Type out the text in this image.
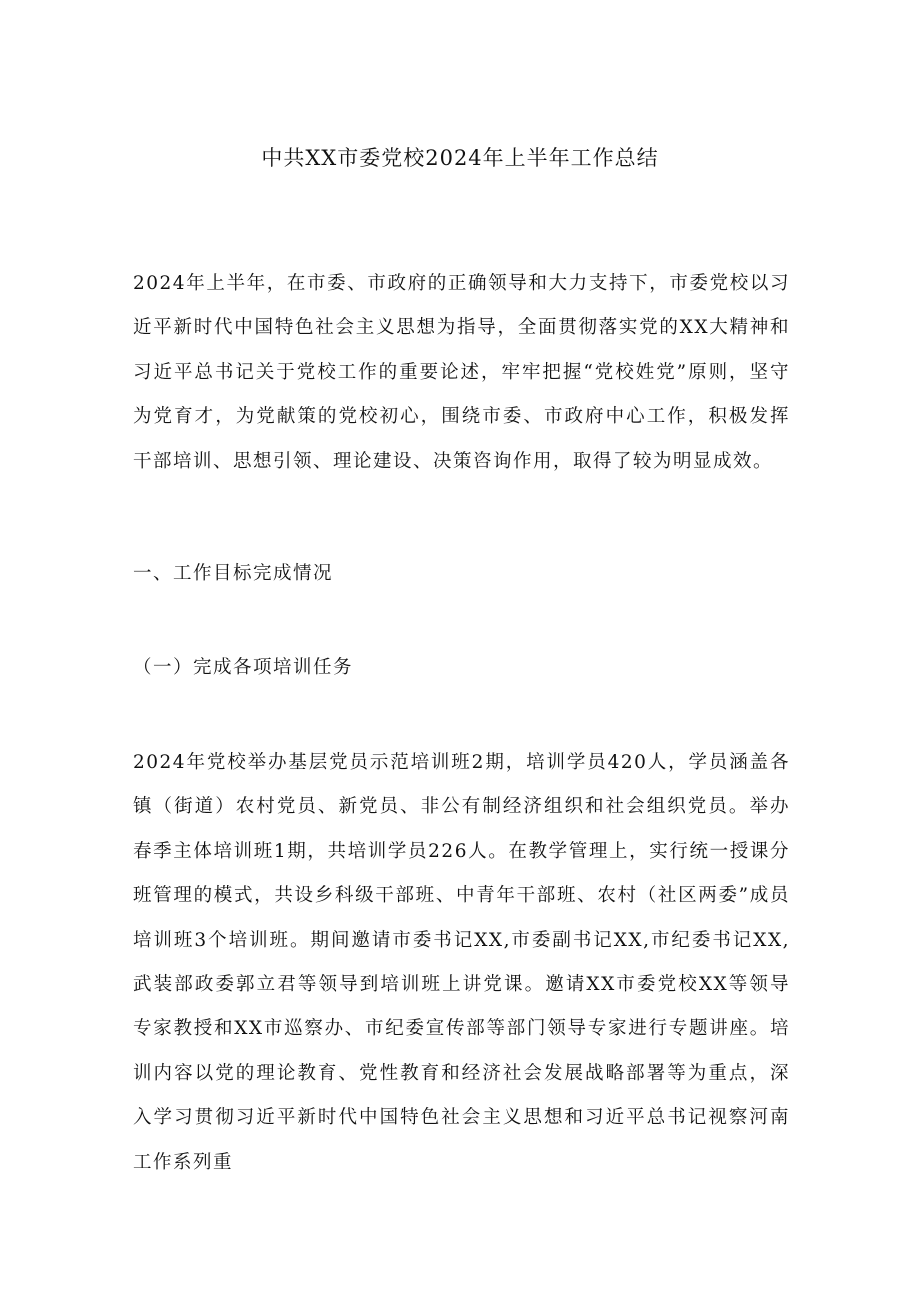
中共XX市委党校2024年上半年工作总结

2024年上半年，在市委、市政府的正确领导和大力支持下，市委党校以习近平新时代中国特色社会主义思想为指导，全面贯彻落实党的XX大精神和习近平总书记关于党校工作的重要论述，牢牢把握“党校姓党”原则，坚守为党育才，为党献策的党校初心，围绕市委、市政府中心工作，积极发挥干部培训、思想引领、理论建设、决策咨询作用，取得了较为明显成效。

一、工作目标完成情况

（一）完成各项培训任务

2024年党校举办基层党员示范培训班2期，培训学员420人，学员涵盖各镇（街道）农村党员、新党员、非公有制经济组织和社会组织党员。举办春季主体培训班1期，共培训学员226人。在教学管理上，实行统一授课分班管理的模式，共设乡科级干部班、中青年干部班、农村（社区两委”成员培训班3个培训班。期间邀请市委书记XX,市委副书记XX,市纪委书记XX,武装部政委郭立君等领导到培训班上讲党课。邀请XX市委党校XX等领导专家教授和XX市巡察办、市纪委宣传部等部门领导专家进行专题讲座。培训内容以党的理论教育、党性教育和经济社会发展战略部署等为重点，深入学习贯彻习近平新时代中国特色社会主义思想和习近平总书记视察河南工作系列重
